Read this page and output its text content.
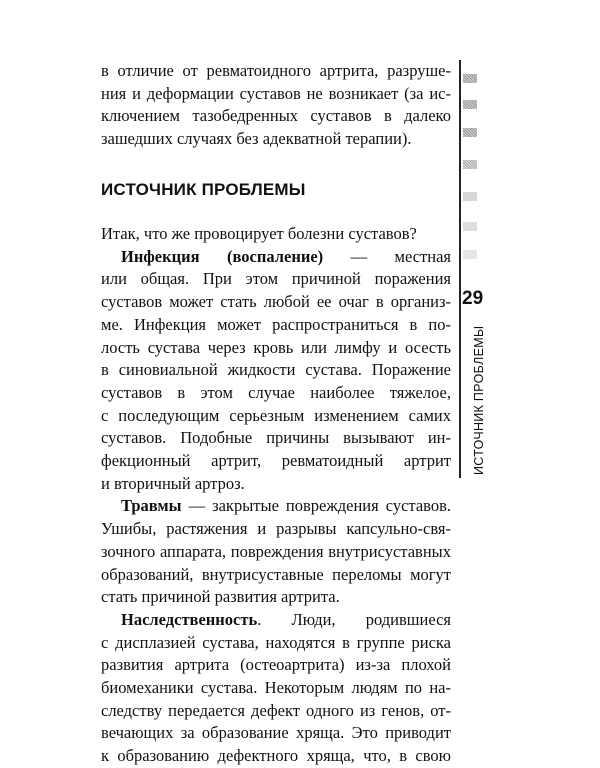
в отличие от ревматоидного артрита, разруше-
ния и деформации суставов не возникает (за ис-
ключением тазобедренных суставов в далеко
зашедших случаях без адекватной терапии).
ИСТОЧНИК ПРОБЛЕМЫ
Итак, что же провоцирует болезни суставов?
Инфекция (воспаление) — местная
или общая. При этом причиной поражения
суставов может стать любой ее очаг в организ-
ме. Инфекция может распространиться в по-
лость сустава через кровь или лимфу и осесть
в синовиальной жидкости сустава. Поражение
суставов в этом случае наиболее тяжелое,
с последующим серьезным изменением самих
суставов. Подобные причины вызывают ин-
фекционный артрит, ревматоидный артрит
и вторичный артроз.
Травмы — закрытые повреждения суставов.
Ушибы, растяжения и разрывы капсульно-свя-
зочного аппарата, повреждения внутрисуставных
образований, внутрисуставные переломы могут
стать причиной развития артрита.
Наследственность. Люди, родившиеся
с дисплазией сустава, находятся в группе риска
развития артрита (остеоартрита) из-за плохой
биомеханики сустава. Некоторым людям по на-
следству передается дефект одного из генов, от-
вечающих за образование хряща. Это приводит
к образованию дефектного хряща, что, в свою
29
ИСТОЧНИК ПРОБЛЕМЫ
